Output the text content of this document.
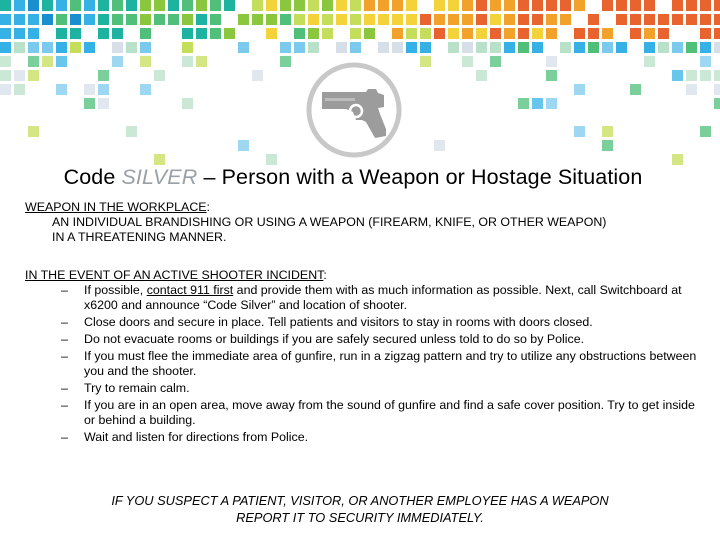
Code SILVER – Person with a Weapon or Hostage Situation
WEAPON IN THE WORKPLACE:
AN INDIVIDUAL BRANDISHING OR USING A WEAPON (FIREARM, KNIFE, OR OTHER WEAPON)
IN A THREATENING MANNER.
IN THE EVENT OF AN ACTIVE SHOOTER INCIDENT:
– If possible, contact 911 first and provide them with as much information as possible. Next, call Switchboard at x6200 and announce “Code Silver” and location of shooter.
– Close doors and secure in place. Tell patients and visitors to stay in rooms with doors closed.
– Do not evacuate rooms or buildings if you are safely secured unless told to do so by Police.
– If you must flee the immediate area of gunfire, run in a zigzag pattern and try to utilize any obstructions between you and the shooter.
– Try to remain calm.
– If you are in an open area, move away from the sound of gunfire and find a safe cover position. Try to get inside or behind a building.
– Wait and listen for directions from Police.
IF YOU SUSPECT A PATIENT, VISITOR, OR ANOTHER EMPLOYEE HAS A WEAPON
REPORT IT TO SECURITY IMMEDIATELY.
